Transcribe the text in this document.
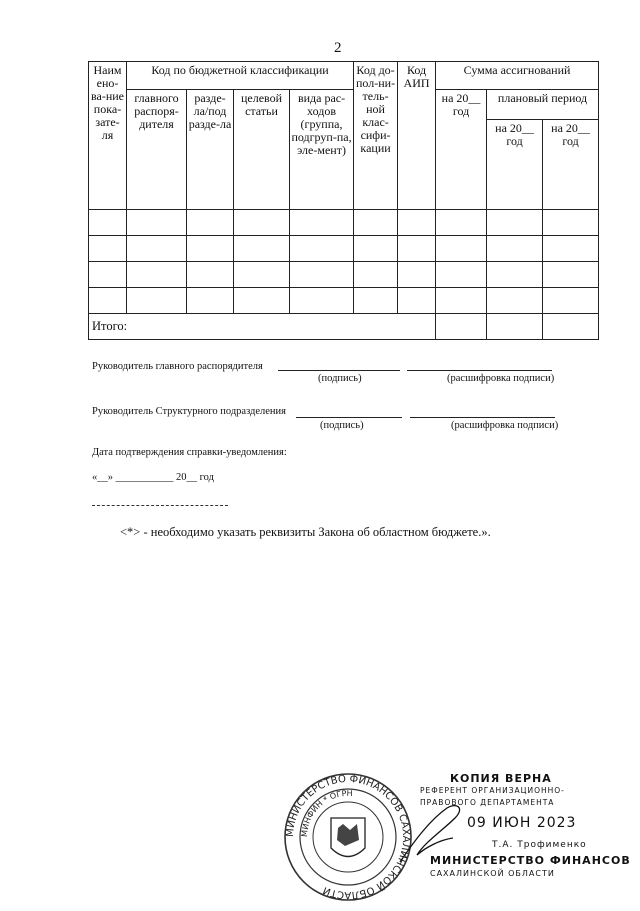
2
Наим ено-ва-ние пока-зате-ля	Код по бюджетной классификации				Код до-пол-ни-тель-ной клас-сифи-кации	Код АИП	Сумма ассигнований		
	главного распоря-дителя	разде-ла/под разде-ла	целевой статьи	вида рас-ходов (группа, подгруп-па, эле-мент)			на 20__ год	плановый период	
								на 20__ год	на 20__ год

Итого:									
Руководитель главного распорядителя
(подпись)	(расшифровка подписи)
Руководитель Структурного подразделения
(подпись)	(расшифровка подписи)
Дата подтверждения справки-уведомления:
«__» ___________ 20__ год
<*> - необходимо указать реквизиты Закона об областном бюджете.».
МИНИСТЕРСТВО ФИНАНСОВ САХАЛИНСКОЙ ОБЛАСТИ
МИНФИН * ОГРН
КОПИЯ ВЕРНА
РЕФЕРЕНТ ОРГАНИЗАЦИОННО-
ПРАВОВОГО ДЕПАРТАМЕНТА
09 ИЮН 2023
Т.А. Трофименко
МИНИСТЕРСТВО ФИНАНСОВ
САХАЛИНСКОЙ ОБЛАСТИ
